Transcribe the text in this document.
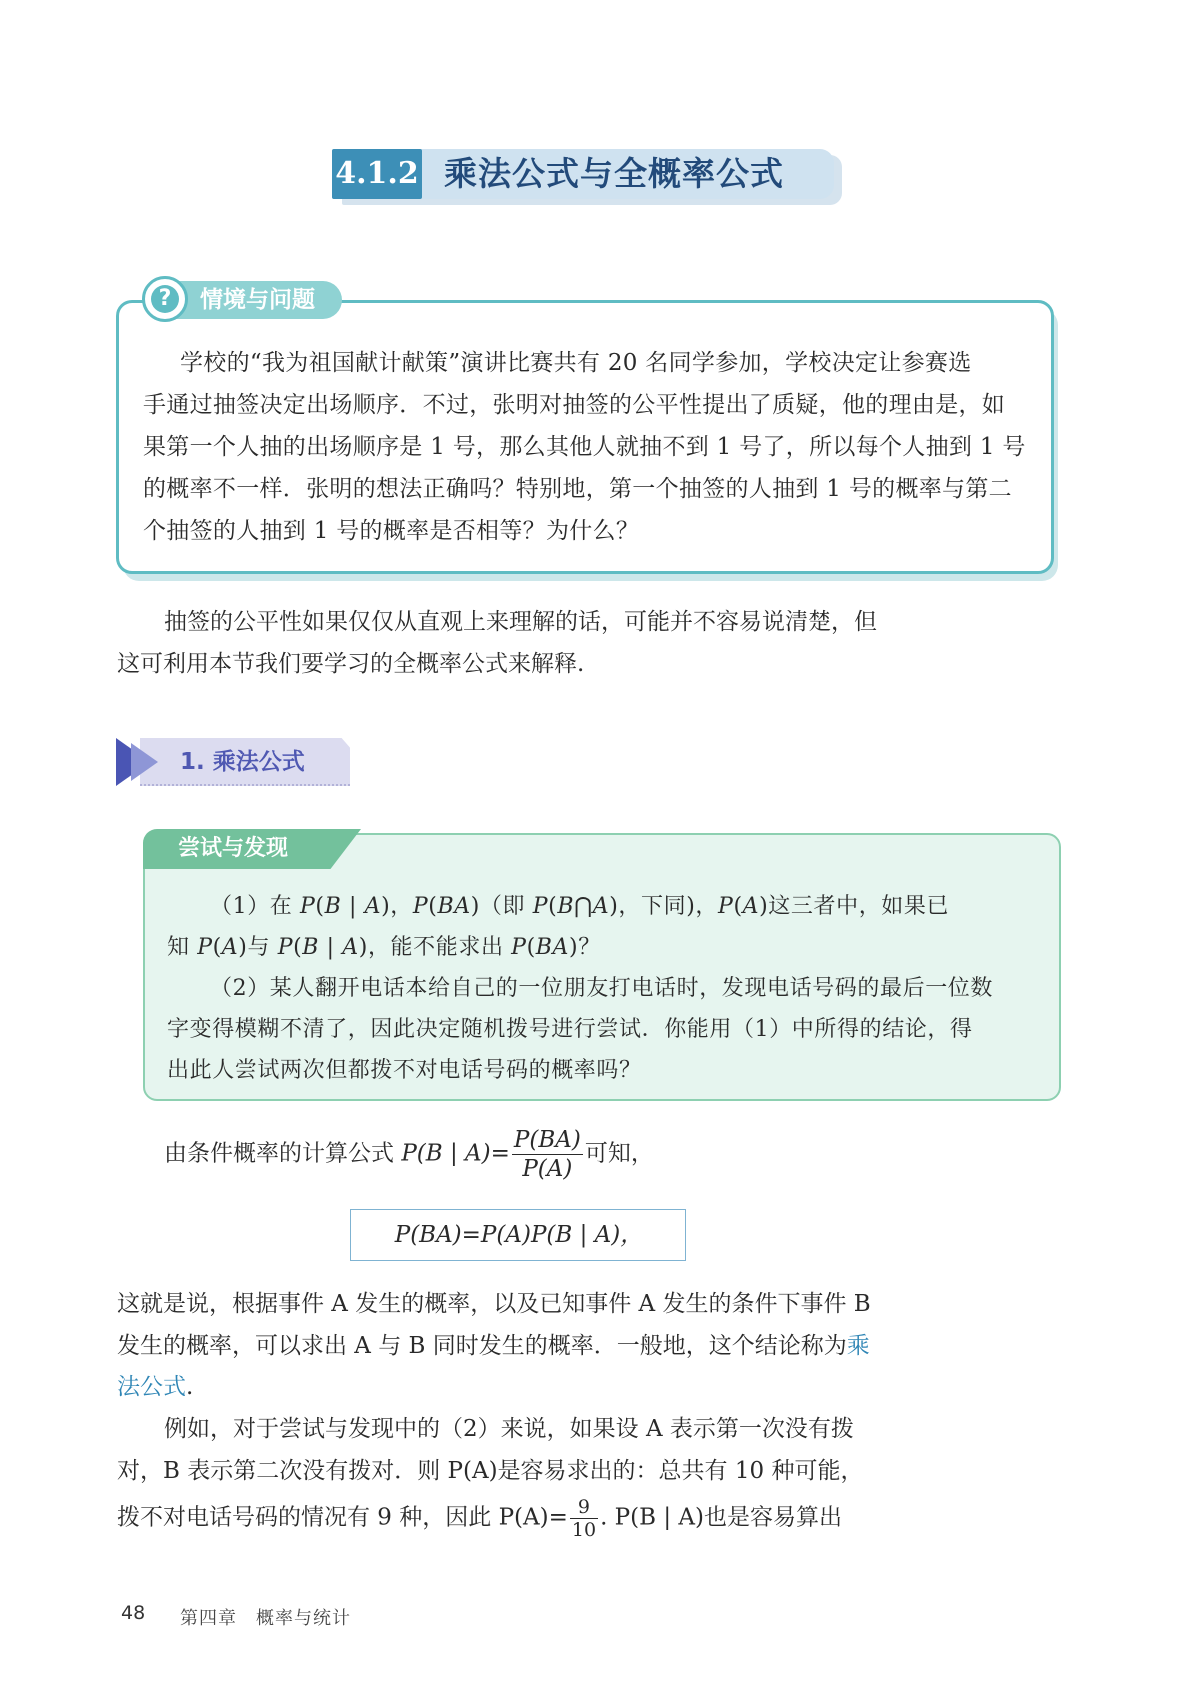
4.1.2 乘法公式与全概率公式
?	情境与问题
学校的“我为祖国献计献策”演讲比赛共有 20 名同学参加，学校决定让参赛选
手通过抽签决定出场顺序．不过，张明对抽签的公平性提出了质疑，他的理由是，如
果第一个人抽的出场顺序是 1 号，那么其他人就抽不到 1 号了，所以每个人抽到 1 号
的概率不一样．张明的想法正确吗？特别地，第一个抽签的人抽到 1 号的概率与第二
个抽签的人抽到 1 号的概率是否相等？为什么？
抽签的公平性如果仅仅从直观上来理解的话，可能并不容易说清楚，但
这可利用本节我们要学习的全概率公式来解释.
1. 乘法公式
尝试与发现
（1）在 P(B | A)，P(BA)（即 P(B⋂A)，下同)，P(A)这三者中，如果已
知 P(A)与 P(B | A)，能不能求出 P(BA)？
（2）某人翻开电话本给自己的一位朋友打电话时，发现电话号码的最后一位数
字变得模糊不清了，因此决定随机拨号进行尝试．你能用（1）中所得的结论，得
出此人尝试两次但都拨不对电话号码的概率吗？
由条件概率的计算公式 P(B | $A)= \frac{P(BA)}{P(A)}$ 可知，
P(BA)=P(A)P(B | A)，
这就是说，根据事件 A 发生的概率，以及已知事件 A 发生的条件下事件 B
发生的概率，可以求出 A 与 B 同时发生的概率．一般地，这个结论称为乘
法公式.
例如，对于尝试与发现中的（2）来说，如果设 A 表示第一次没有拨
对，B 表示第二次没有拨对．则 P(A)是容易求出的：总共有 10 种可能，
拨不对电话号码的情况有 9 种，因此 $P(A)= \frac{9}{10}$ . P(B | A)也是容易算出
48 第四章　概率与统计
